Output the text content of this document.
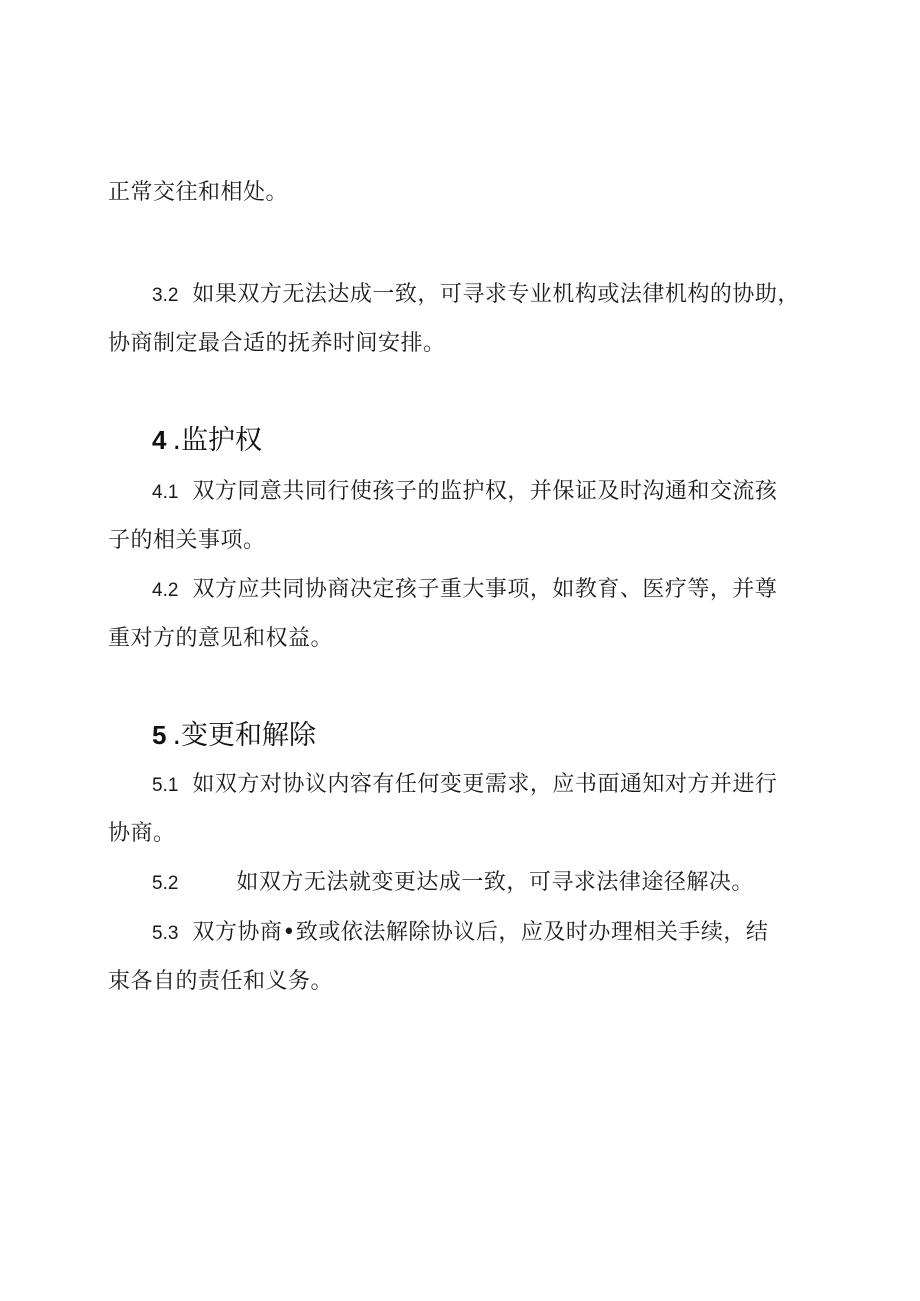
正常交往和相处。
3.2 如果双方无法达成一致，可寻求专业机构或法律机构的协助，
协商制定最合适的抚养时间安排。
4 .监护权
4.1 双方同意共同行使孩子的监护权，并保证及时沟通和交流孩
子的相关事项。
4.2 双方应共同协商决定孩子重大事项，如教育、医疗等，并尊
重对方的意见和权益。
5 .变更和解除
5.1 如双方对协议内容有任何变更需求，应书面通知对方并进行
协商。
5.2	如双方无法就变更达成一致，可寻求法律途径解决。
5.3 双方协商•致或依法解除协议后，应及时办理相关手续，结
束各自的责任和义务。
